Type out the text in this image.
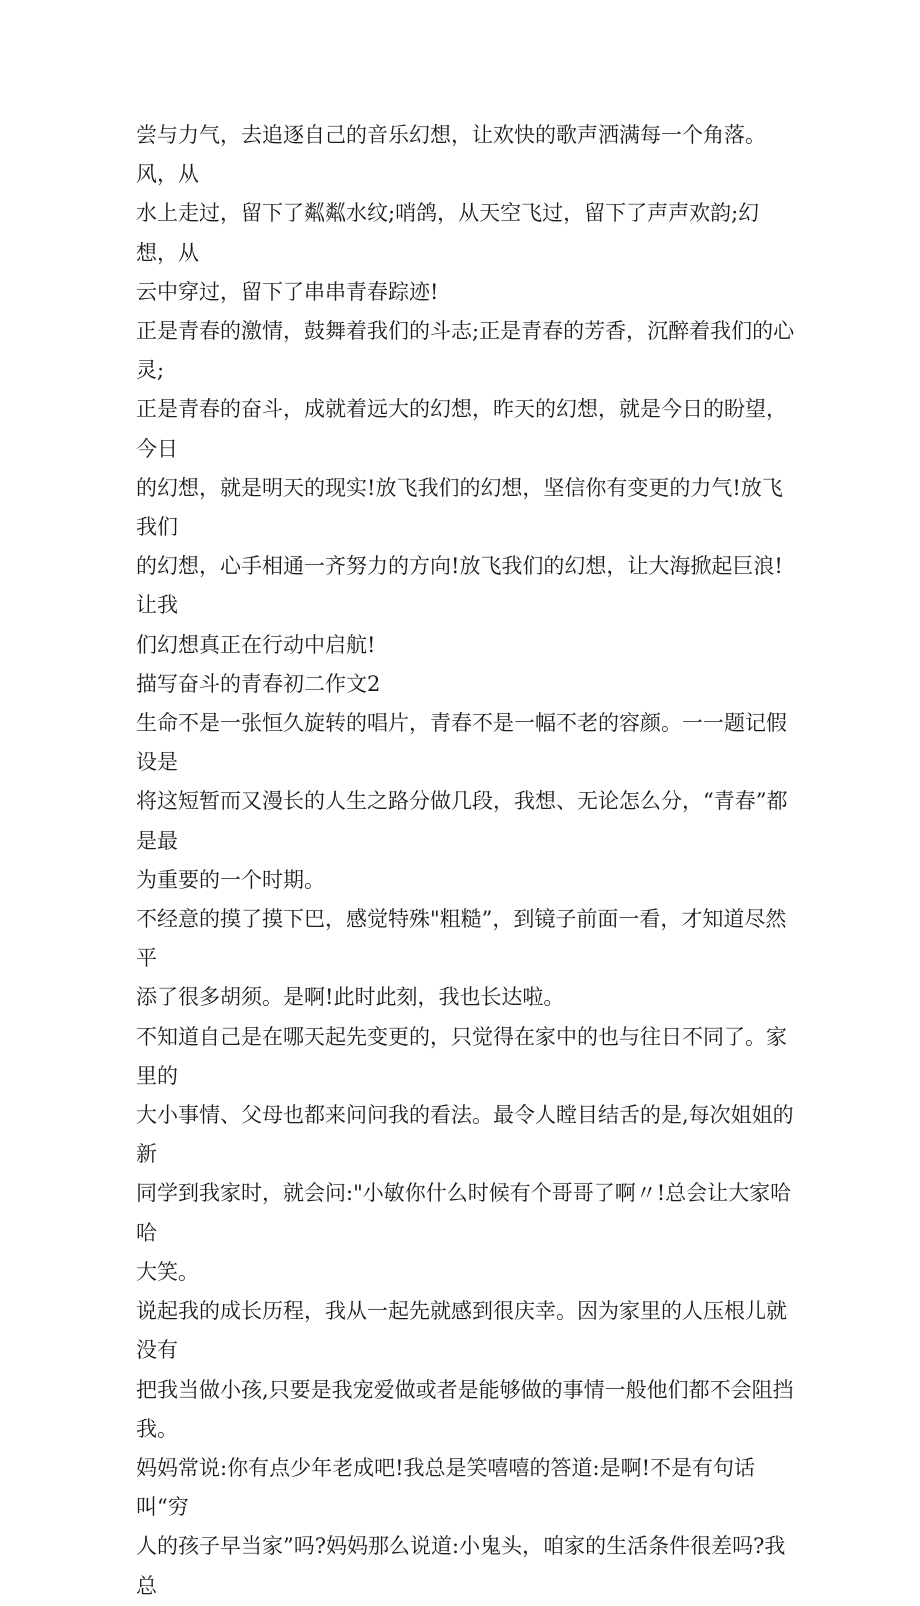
尝与力气，去追逐自己的音乐幻想，让欢快的歌声洒满每一个角落。风，从
水上走过，留下了粼粼水纹;哨鸽，从天空飞过，留下了声声欢韵;幻想，从
云中穿过，留下了串串青春踪迹!

正是青春的激情，鼓舞着我们的斗志;正是青春的芳香，沉醉着我们的心灵;
正是青春的奋斗，成就着远大的幻想，昨天的幻想，就是今日的盼望，今日
的幻想，就是明天的现实!放飞我们的幻想，坚信你有变更的力气!放飞我们
的幻想，心手相通一齐努力的方向!放飞我们的幻想，让大海掀起巨浪!让我
们幻想真正在行动中启航!

描写奋斗的青春初二作文2

生命不是一张恒久旋转的唱片，青春不是一幅不老的容颜。一一题记假设是
将这短暂而又漫长的人生之路分做几段，我想、无论怎么分，“青春”都是最
为重要的一个时期。

不经意的摸了摸下巴，感觉特殊"粗糙”，到镜子前面一看，才知道尽然平
添了很多胡须。是啊!此时此刻，我也长达啦。

不知道自己是在哪天起先变更的，只觉得在家中的也与往日不同了。家里的
大小事情、父母也都来问问我的看法。最令人瞠目结舌的是,每次姐姐的新
同学到我家时，就会问:"小敏你什么时候有个哥哥了啊〃!总会让大家哈哈
大笑。

说起我的成长历程，我从一起先就感到很庆幸。因为家里的人压根儿就没有
把我当做小孩,只要是我宠爱做或者是能够做的事情一般他们都不会阻挡我。
妈妈常说:你有点少年老成吧!我总是笑嘻嘻的答道:是啊!不是有句话叫“穷
人的孩子早当家”吗?妈妈那么说道:小鬼头，咱家的生活条件很差吗?我总
